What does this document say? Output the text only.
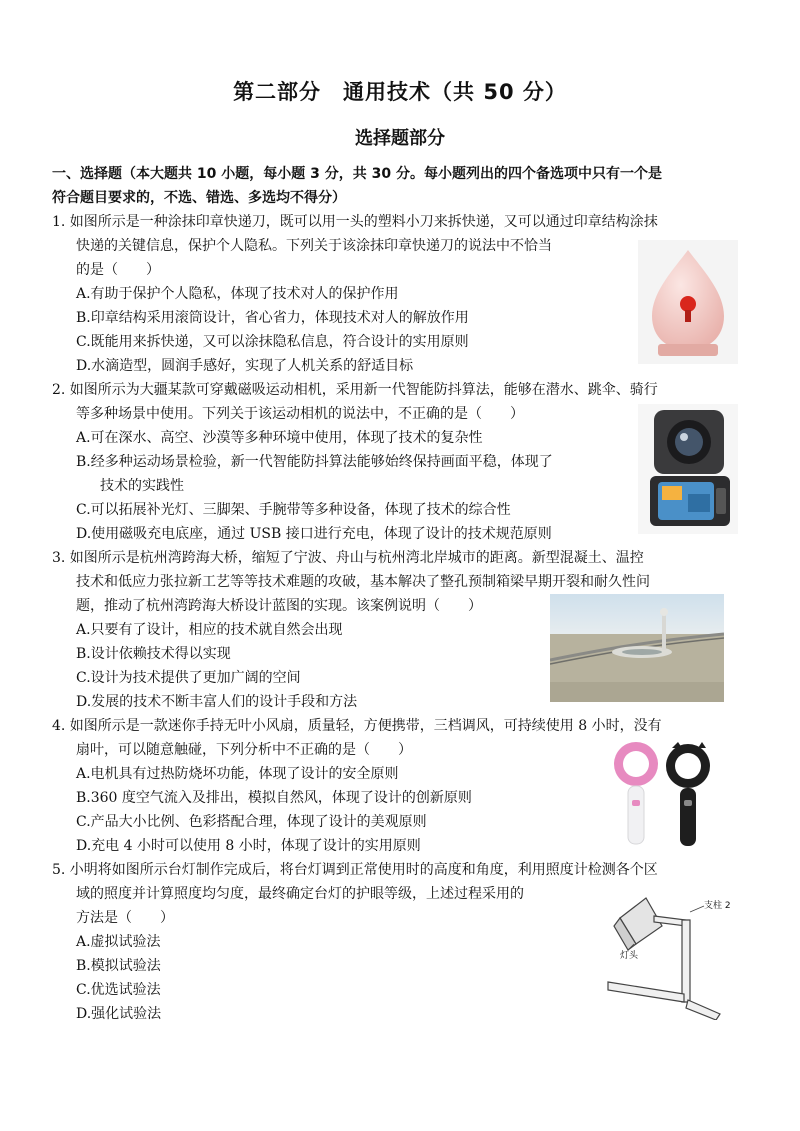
第二部分　通用技术（共 50 分）
选择题部分
一、选择题（本大题共 10 小题，每小题 3 分，共 30 分。每小题列出的四个备选项中只有一个是
符合题目要求的，不选、错选、多选均不得分）
1. 如图所示是一种涂抹印章快递刀，既可以用一头的塑料小刀来拆快递，又可以通过印章结构涂抹
快递的关键信息，保护个人隐私。下列关于该涂抹印章快递刀的说法中不恰当
的是（　　）
A.有助于保护个人隐私，体现了技术对人的保护作用
B.印章结构采用滚筒设计，省心省力，体现技术对人的解放作用
C.既能用来拆快递，又可以涂抹隐私信息，符合设计的实用原则
D.水滴造型，圆润手感好，实现了人机关系的舒适目标
2. 如图所示为大疆某款可穿戴磁吸运动相机，采用新一代智能防抖算法，能够在潜水、跳伞、骑行
等多种场景中使用。下列关于该运动相机的说法中，不正确的是（　　）
A.可在深水、高空、沙漠等多种环境中使用，体现了技术的复杂性
B.经多种运动场景检验，新一代智能防抖算法能够始终保持画面平稳，体现了
技术的实践性
C.可以拓展补光灯、三脚架、手腕带等多种设备，体现了技术的综合性
D.使用磁吸充电底座，通过 USB 接口进行充电，体现了设计的技术规范原则
3. 如图所示是杭州湾跨海大桥，缩短了宁波、舟山与杭州湾北岸城市的距离。新型混凝土、温控
技术和低应力张拉新工艺等等技术难题的攻破，基本解决了整孔预制箱梁早期开裂和耐久性问
题，推动了杭州湾跨海大桥设计蓝图的实现。该案例说明（　　）
A.只要有了设计，相应的技术就自然会出现
B.设计依赖技术得以实现
C.设计为技术提供了更加广阔的空间
D.发展的技术不断丰富人们的设计手段和方法
4. 如图所示是一款迷你手持无叶小风扇，质量轻，方便携带，三档调风，可持续使用 8 小时，没有
扇叶，可以随意触碰，下列分析中不正确的是（　　）
A.电机具有过热防烧坏功能，体现了设计的安全原则
B.360 度空气流入及排出，模拟自然风，体现了设计的创新原则
C.产品大小比例、色彩搭配合理，体现了设计的美观原则
D.充电 4 小时可以使用 8 小时，体现了设计的实用原则
5. 小明将如图所示台灯制作完成后，将台灯调到正常使用时的高度和角度，利用照度计检测各个区
域的照度并计算照度均匀度，最终确定台灯的护眼等级，上述过程采用的
方法是（　　）
A.虚拟试验法
B.模拟试验法
C.优选试验法
D.强化试验法
支柱 2
灯头
